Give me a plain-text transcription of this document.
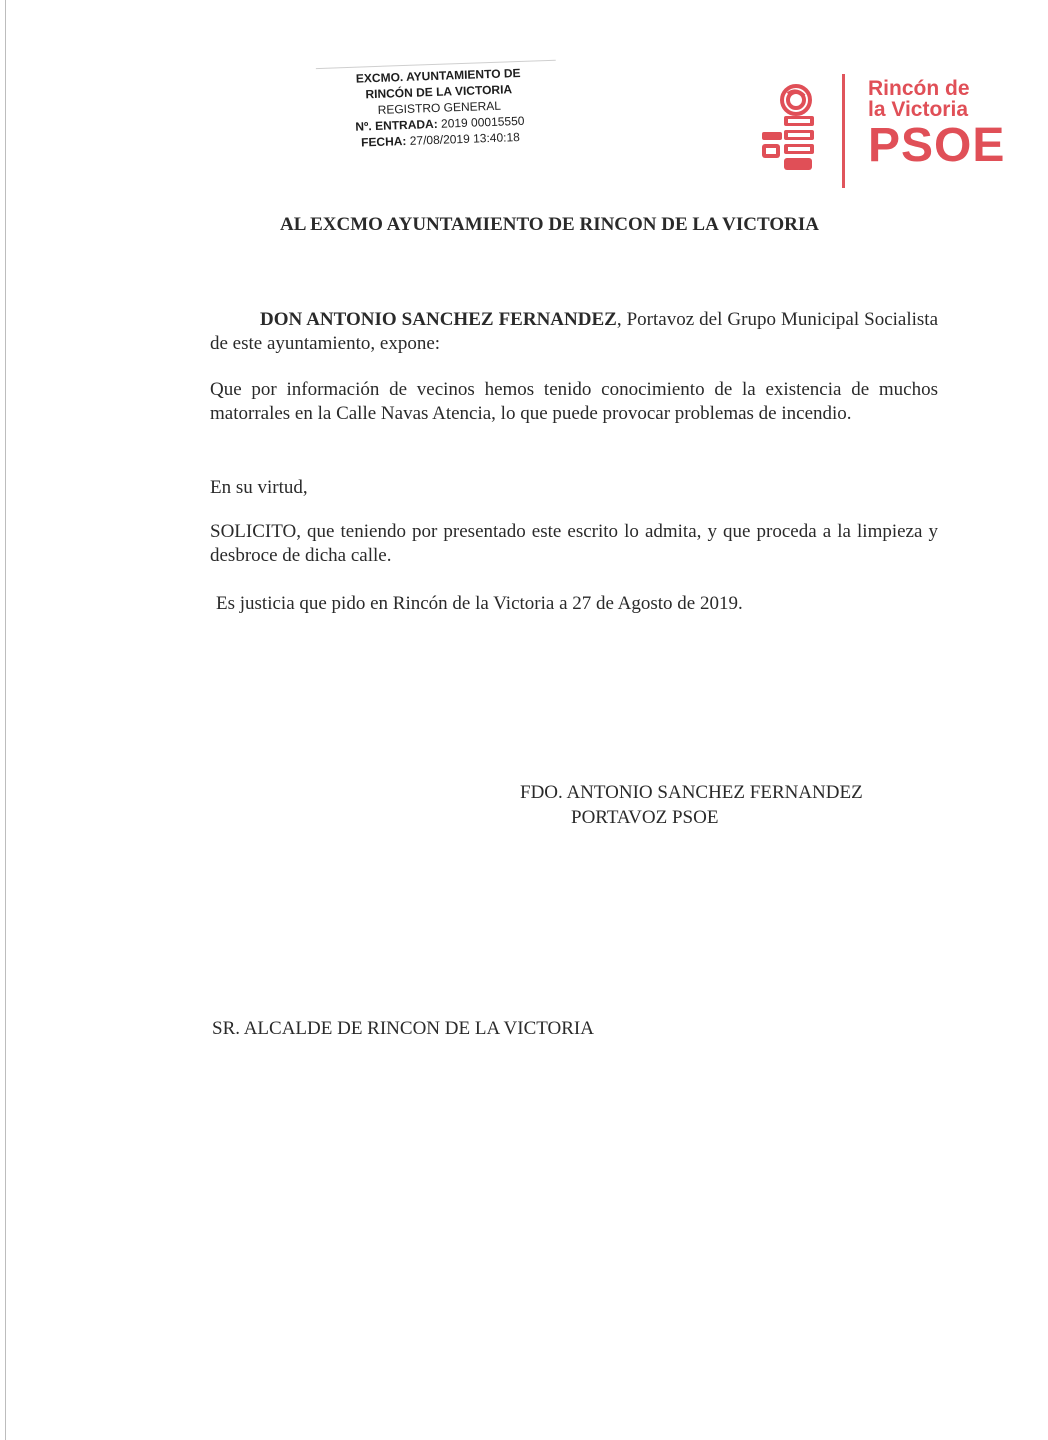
EXCMO. AYUNTAMIENTO DE
RINCÓN DE LA VICTORIA
REGISTRO GENERAL
Nº. ENTRADA: 2019 00015550
FECHA: 27/08/2019 13:40:18
Rincón de
la Victoria
PSOE
AL EXCMO AYUNTAMIENTO DE RINCON DE LA VICTORIA
DON ANTONIO SANCHEZ FERNANDEZ, Portavoz del Grupo Municipal Socialista de este ayuntamiento, expone:
Que por información de vecinos hemos tenido conocimiento de la existencia de muchos matorrales en la Calle Navas Atencia, lo que puede provocar problemas de incendio.
En su virtud,
SOLICITO, que teniendo por presentado este escrito lo admita, y que proceda a la limpieza y desbroce de dicha calle.
Es justicia que pido en Rincón de la Victoria a 27 de Agosto de 2019.
FDO. ANTONIO SANCHEZ FERNANDEZ
PORTAVOZ PSOE
SR. ALCALDE DE RINCON DE LA VICTORIA
